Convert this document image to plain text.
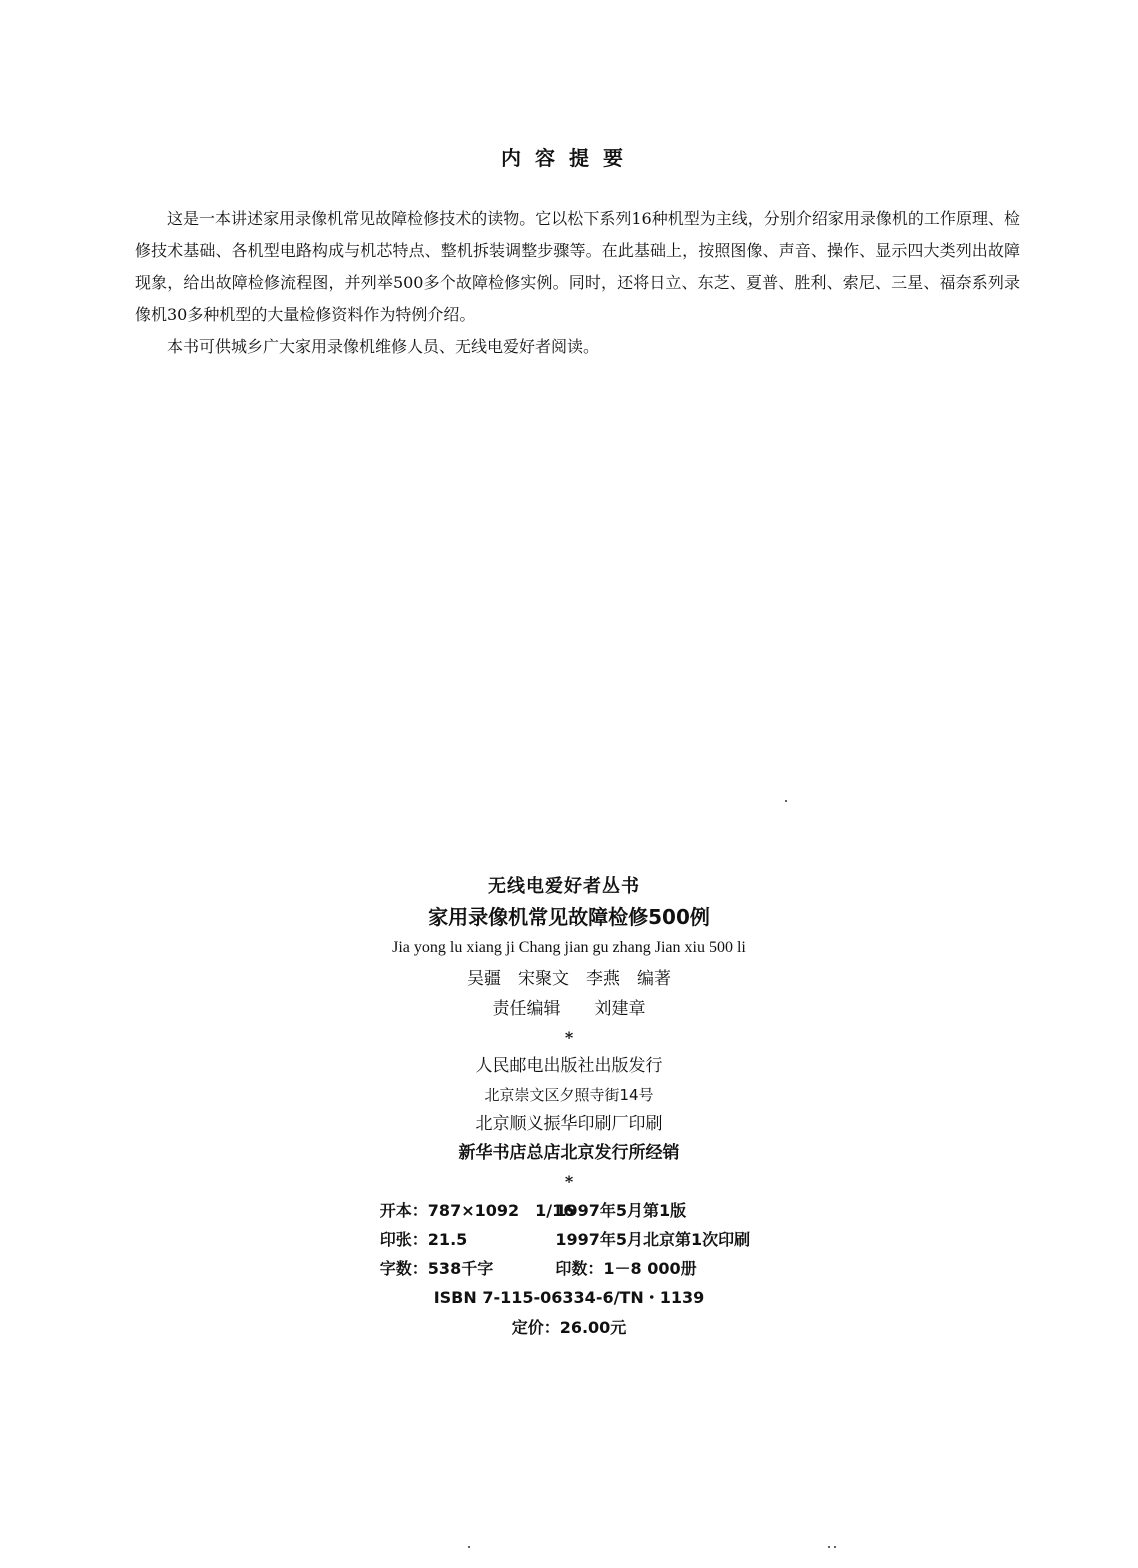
内容提要

这是一本讲述家用录像机常见故障检修技术的读物。它以松下系列16种机型为主线，分别介绍家用录像机的工作原理、检修技术基础、各机型电路构成与机芯特点、整机拆装调整步骤等。在此基础上，按照图像、声音、操作、显示四大类列出故障现象，给出故障检修流程图，并列举500多个故障检修实例。同时，还将日立、东芝、夏普、胜利、索尼、三星、福奈系列录像机30多种机型的大量检修资料作为特例介绍。

本书可供城乡广大家用录像机维修人员、无线电爱好者阅读。

无线电爱好者丛书
家用录像机常见故障检修500例
Jia yong lu xiang ji Chang jian gu zhang Jian xiu 500 li
吴疆　宋聚文　李燕　编著
责任编辑　　刘建章
*
人民邮电出版社出版发行
北京崇文区夕照寺街14号
北京顺义振华印刷厂印刷
新华书店总店北京发行所经销
*
开本：787×1092　1/16 1997年5月第1版
印张：21.5	1997年5月北京第1次印刷
字数：538千字	印数：1－8 000册
ISBN 7-115-06334-6/TN・1139
定价：26.00元
